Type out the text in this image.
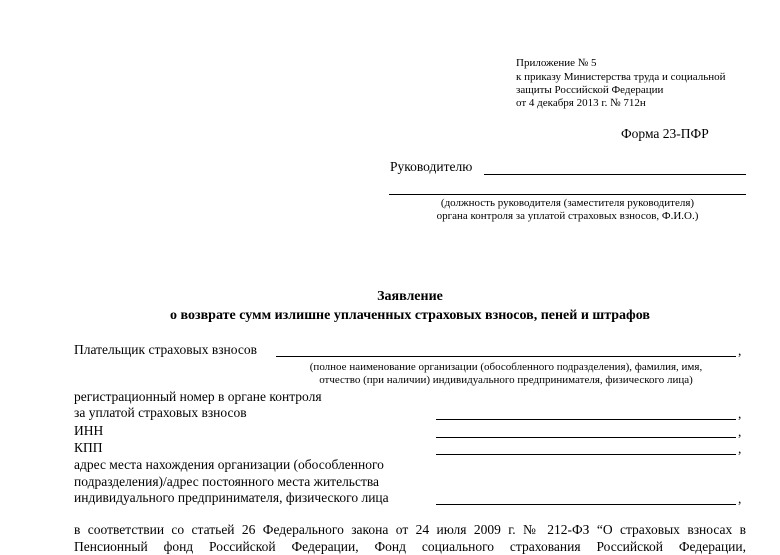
Приложение № 5
к приказу Министерства труда и социальной
защиты Российской Федерации
от 4 декабря 2013 г. № 712н
Форма 23-ПФР
Руководителю
(должность руководителя (заместителя руководителя)
органа контроля за уплатой страховых взносов, Ф.И.О.)
Заявление
о возврате сумм излишне уплаченных страховых взносов, пеней и штрафов
Плательщик страховых взносов	,
(полное наименование организации (обособленного подразделения), фамилия, имя,
отчество (при наличии) индивидуального предпринимателя, физического лица)
регистрационный номер в органе контроля
за уплатой страховых взносов	,
ИНН	,
КПП	,
адрес места нахождения организации (обособленного
подразделения)/адрес постоянного места жительства
индивидуального предпринимателя, физического лица	,
в соответствии со статьей 26 Федерального закона от 24 июля 2009 г. № 212-ФЗ “О страховых взносах в
Пенсионный фонд Российской Федерации, Фонд социального страхования Российской Федерации,
